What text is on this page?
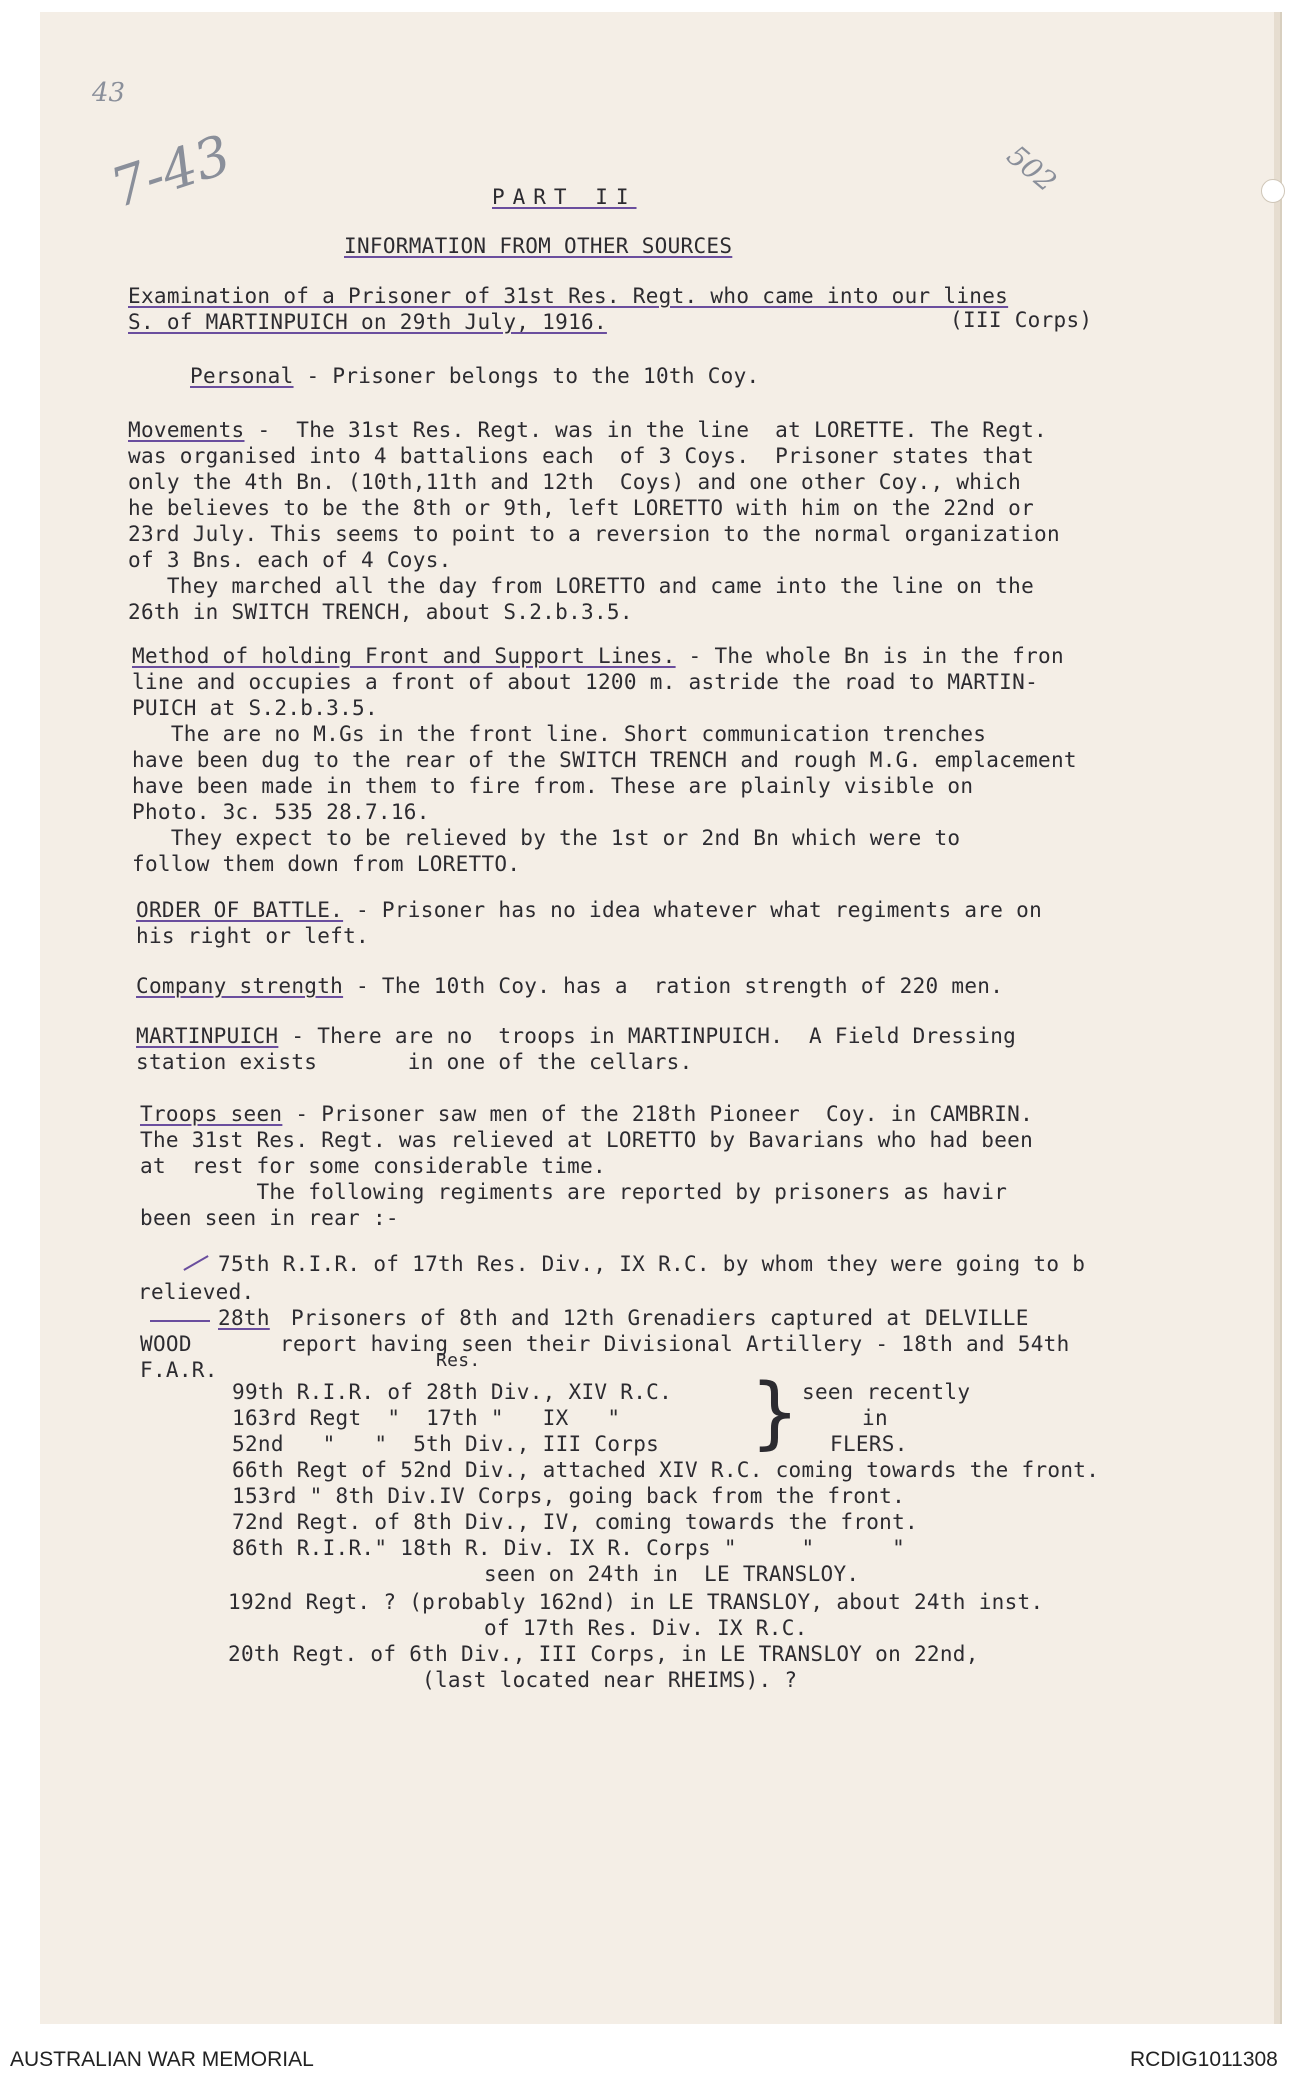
43
7-43	502
PART II
INFORMATION FROM OTHER SOURCES
Examination of a Prisoner of 31st Res. Regt. who came into our lines
S. of MARTINPUICH on 29th July, 1916.	(III Corps)
Personal - Prisoner belongs to the 10th Coy.
Movements -  The 31st Res. Regt. was in the line  at LORETTE. The Regt.
was organised into 4 battalions each  of 3 Coys.  Prisoner states that
only the 4th Bn. (10th,11th and 12th  Coys) and one other Coy., which
he believes to be the 8th or 9th, left LORETTO with him on the 22nd or
23rd July. This seems to point to a reversion to the normal organization
of 3 Bns. each of 4 Coys.
They marched all the day from LORETTO and came into the line on the
26th in SWITCH TRENCH, about S.2.b.3.5.
Method of holding Front and Support Lines. - The whole Bn is in the fron
line and occupies a front of about 1200 m. astride the road to MARTIN-
PUICH at S.2.b.3.5.
The are no M.Gs in the front line. Short communication trenches
have been dug to the rear of the SWITCH TRENCH and rough M.G. emplacement
have been made in them to fire from. These are plainly visible on
Photo. 3c. 535 28.7.16.
They expect to be relieved by the 1st or 2nd Bn which were to
follow them down from LORETTO.
ORDER OF BATTLE. - Prisoner has no idea whatever what regiments are on
his right or left.
Company strength - The 10th Coy. has a  ration strength of 220 men.
MARTINPUICH - There are no  troops in MARTINPUICH.  A Field Dressing
station exists       in one of the cellars.
Troops seen - Prisoner saw men of the 218th Pioneer  Coy. in CAMBRIN.
The 31st Res. Regt. was relieved at LORETTO by Bavarians who had been
at  rest for some considerable time.
The following regiments are reported by prisoners as havir
been seen in rear :-
75th R.I.R. of 17th Res. Div., IX R.C. by whom they were going to b
relieved.
28th Prisoners of 8th and 12th Grenadiers captured at DELVILLE
WOOD	report having seen their Divisional Artillery - 18th and 54th
F.A.R.	Res.
99th R.I.R. of 28th Div., XIV R.C.
163rd Regt  "  17th "   IX   "
52nd   "   "  5th Div., III Corps } seen recently
in
FLERS.
66th Regt of 52nd Div., attached XIV R.C. coming towards the front.
153rd " 8th Div.IV Corps, going back from the front.
72nd Regt. of 8th Div., IV, coming towards the front.
86th R.I.R." 18th R. Div. IX R. Corps "     "      "
seen on 24th in  LE TRANSLOY.
192nd Regt. ? (probably 162nd) in LE TRANSLOY, about 24th inst.
of 17th Res. Div. IX R.C.
20th Regt. of 6th Div., III Corps, in LE TRANSLOY on 22nd,
(last located near RHEIMS). ?
AUSTRALIAN WAR MEMORIAL	RCDIG1011308
